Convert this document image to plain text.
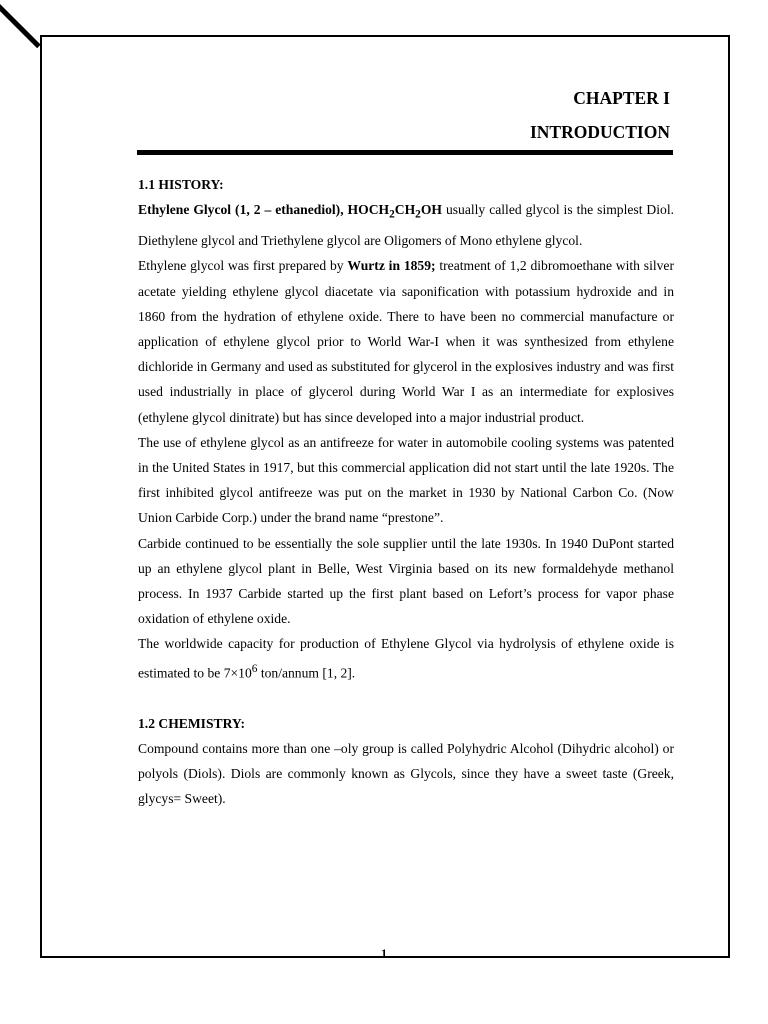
CHAPTER I
INTRODUCTION
1.1 HISTORY:

Ethylene Glycol (1, 2 – ethanediol), $HOCH_2CH_2OH$ usually called glycol is the simplest Diol. Diethylene glycol and Triethylene glycol are Oligomers of Mono ethylene glycol.

Ethylene glycol was first prepared by Wurtz in 1859; treatment of 1,2 dibromoethane with silver acetate yielding ethylene glycol diacetate via saponification with potassium hydroxide and in 1860 from the hydration of ethylene oxide. There to have been no commercial manufacture or application of ethylene glycol prior to World War-I when it was synthesized from ethylene dichloride in Germany and used as substituted for glycerol in the explosives industry and was first used industrially in place of glycerol during World War I as an intermediate for explosives (ethylene glycol dinitrate) but has since developed into a major industrial product.

The use of ethylene glycol as an antifreeze for water in automobile cooling systems was patented in the United States in 1917, but this commercial application did not start until the late 1920s. The first inhibited glycol antifreeze was put on the market in 1930 by National Carbon Co. (Now Union Carbide Corp.) under the brand name “prestone”.

Carbide continued to be essentially the sole supplier until the late 1930s. In 1940 DuPont started up an ethylene glycol plant in Belle, West Virginia based on its new formaldehyde methanol process. In 1937 Carbide started up the first plant based on Lefort’s process for vapor phase oxidation of ethylene oxide.

The worldwide capacity for production of Ethylene Glycol via hydrolysis of ethylene oxide is estimated to be $7\times 10^6$ ton/annum [1, 2].

1.2 CHEMISTRY:

Compound contains more than one –oly group is called Polyhydric Alcohol (Dihydric alcohol) or polyols (Diols). Diols are commonly known as Glycols, since they have a sweet taste (Greek, glycys= Sweet).

1
